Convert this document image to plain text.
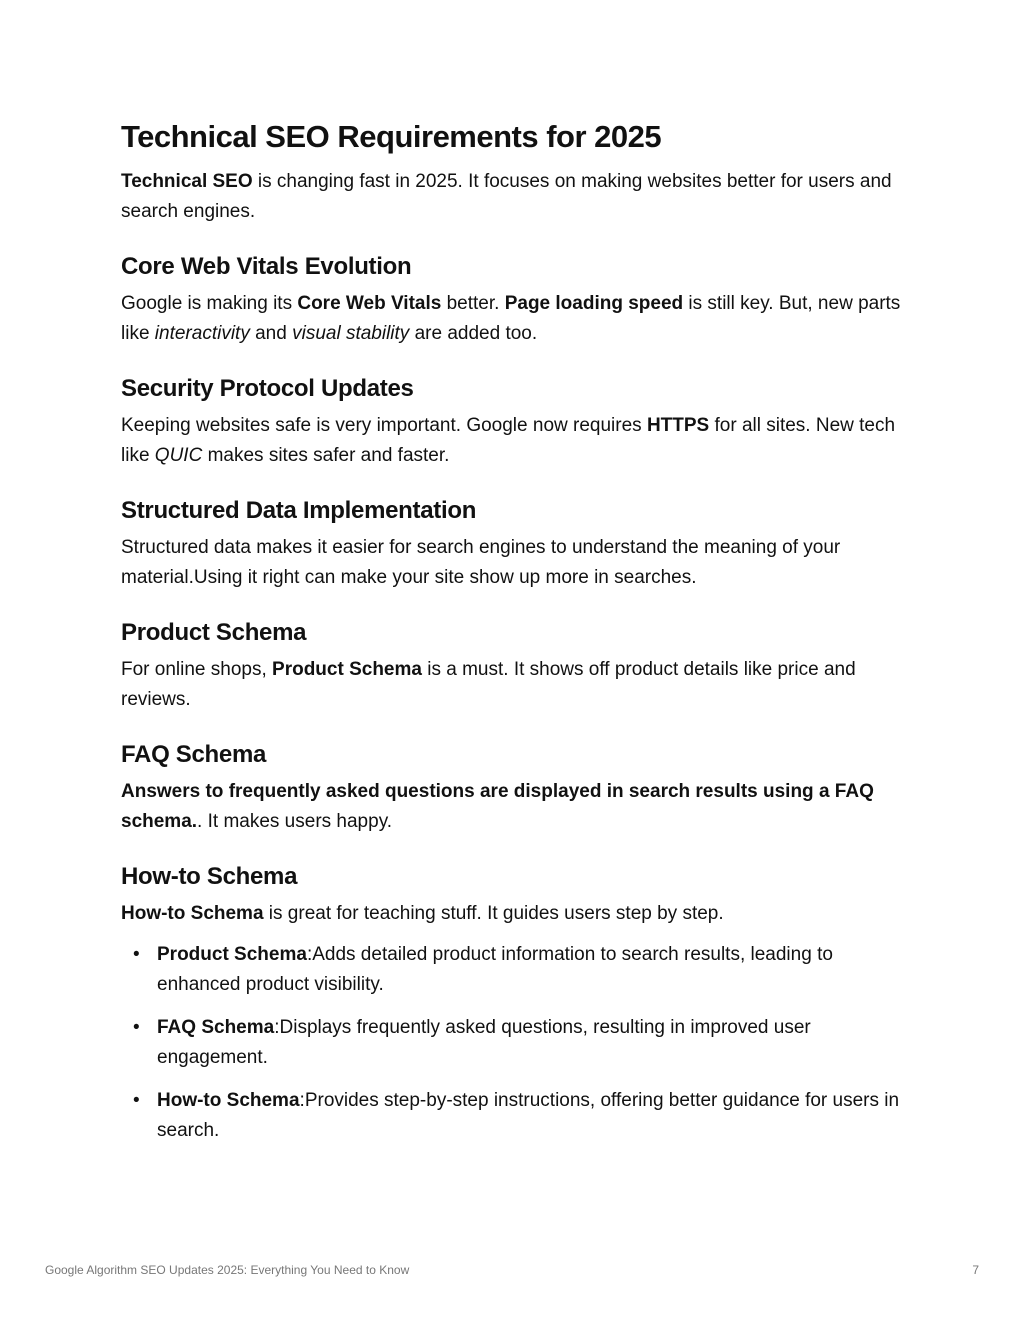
Technical SEO Requirements for 2025

Technical SEO is changing fast in 2025. It focuses on making websites better for users and search engines.

Core Web Vitals Evolution

Google is making its Core Web Vitals better. Page loading speed is still key. But, new parts like interactivity and visual stability are added too.

Security Protocol Updates

Keeping websites safe is very important. Google now requires HTTPS for all sites. New tech like QUIC makes sites safer and faster.

Structured Data Implementation

Structured data makes it easier for search engines to understand the meaning of your material.Using it right can make your site show up more in searches.

Product Schema

For online shops, Product Schema is a must. It shows off product details like price and reviews.

FAQ Schema

Answers to frequently asked questions are displayed in search results using a FAQ schema.. It makes users happy.

How-to Schema

How-to Schema is great for teaching stuff. It guides users step by step.

• Product Schema:Adds detailed product information to search results, leading to enhanced product visibility.
• FAQ Schema:Displays frequently asked questions, resulting in improved user engagement.
• How-to Schema:Provides step-by-step instructions, offering better guidance for users in search.
Google Algorithm SEO Updates 2025: Everything You Need to Know	7
